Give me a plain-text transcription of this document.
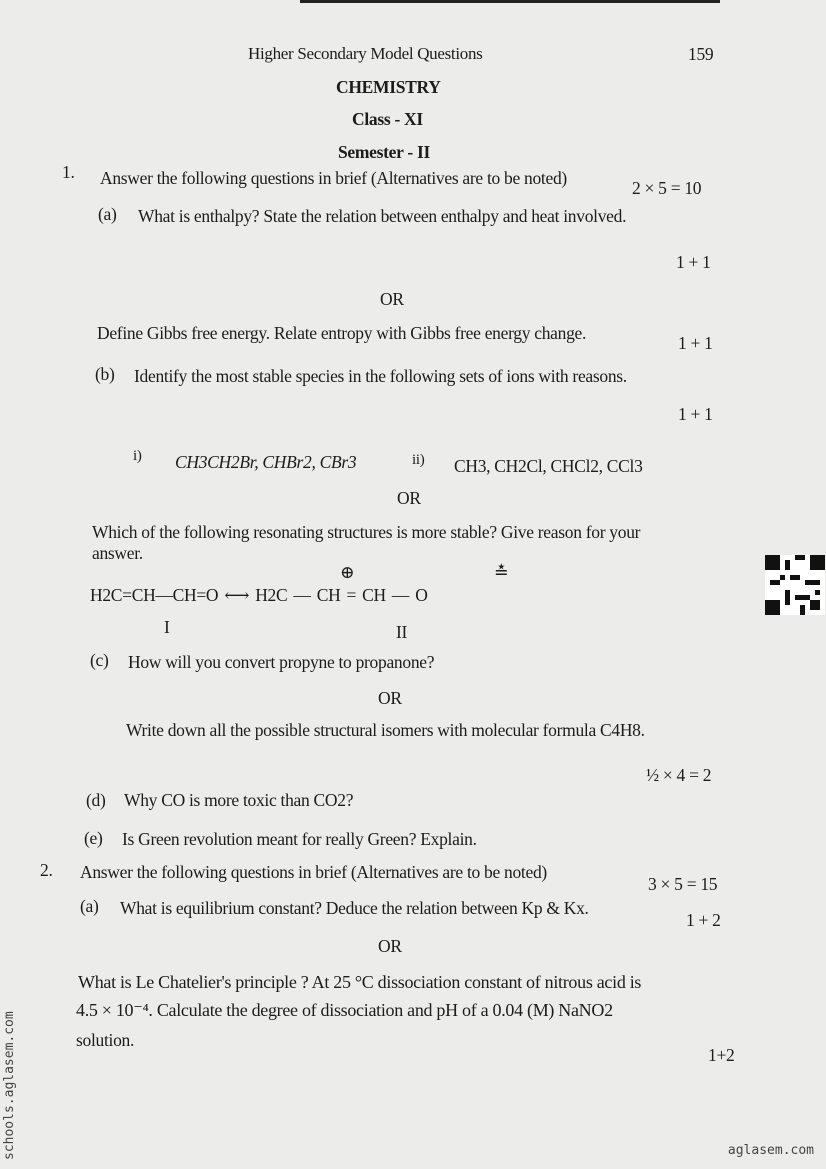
Higher Secondary Model Questions	159
CHEMISTRY
Class - XI
Semester - II
1. Answer the following questions in brief (Alternatives are to be noted)	2 × 5 = 10
(a) What is enthalpy? State the relation between enthalpy and heat involved.
1 + 1
OR
Define Gibbs free energy. Relate entropy with Gibbs free energy change.	1 + 1
(b) Identify the most stable species in the following sets of ions with reasons.
1 + 1
i) CH3CH2Br, CHBr2, CBr3	ii) CH3, CH2Cl, CHCl2, CCl3
OR
Which of the following resonating structures is more stable? Give reason for your
answer.
⊕	≛
H2C=CH—CH=O ⟷ H2C — CH = CH — O
I	II
(c) How will you convert propyne to propanone?
OR
Write down all the possible structural isomers with molecular formula C4H8.
½ × 4 = 2
(d) Why CO is more toxic than CO2?
(e) Is Green revolution meant for really Green? Explain.
2. Answer the following questions in brief (Alternatives are to be noted)
3 × 5 = 15
(a) What is equilibrium constant? Deduce the relation between Kp & Kx.
1 + 2
OR
What is Le Chatelier's principle ? At 25 °C dissociation constant of nitrous acid is
4.5 × 10⁻⁴. Calculate the degree of dissociation and pH of a 0.04 (M) NaNO2
solution.
1+2
schools.aglasem.com	aglasem.com
